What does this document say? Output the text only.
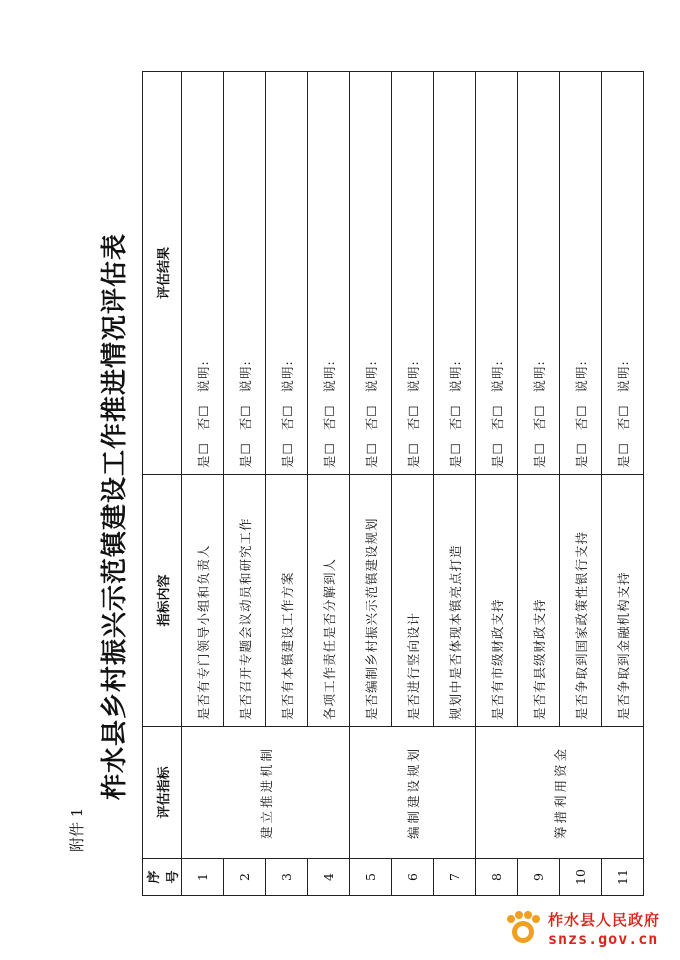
附件 1
柞水县乡村振兴示范镇建设工作推进情况评估表
序号	评估指标	指标内容	评估结果
1	建立推进机制	是否有专门领导小组和负责人	是☐否☐说明:
2		是否召开专题会议动员和研究工作	是☐否☐说明:
3		是否有本镇建设工作方案	是☐否☐说明:
4		各项工作责任是否分解到人	是☐否☐说明:
5	编制建设规划	是否编制乡村振兴示范镇建设规划	是☐否☐说明:
6		是否进行竖向设计	是☐否☐说明:
7		规划中是否体现本镇亮点打造	是☐否☐说明:
8	筹措利用资金	是否有市级财政支持	是☐否☐说明:
9		是否有县级财政支持	是☐否☐说明:
10		是否争取到国家政策性银行支持	是☐否☐说明:
11		是否争取到金融机构支持	是☐否☐说明:
柞水县人民政府
snzs.gov.cn
